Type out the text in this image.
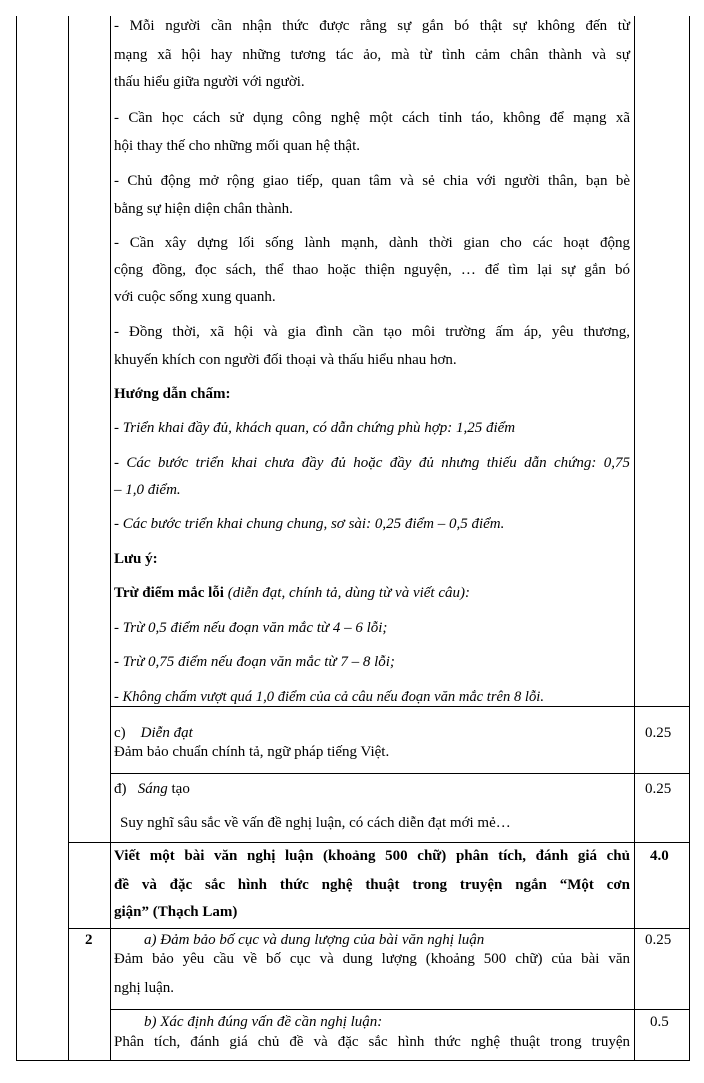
- Mỗi người cần nhận thức được rằng sự gắn bó thật sự không đến từ
mạng xã hội hay những tương tác ảo, mà từ tình cảm chân thành và sự
thấu hiểu giữa người với người.
- Cần học cách sử dụng công nghệ một cách tỉnh táo, không để mạng xã
hội thay thế cho những mối quan hệ thật.
- Chủ động mở rộng giao tiếp, quan tâm và sẻ chia với người thân, bạn bè
bằng sự hiện diện chân thành.
- Cần xây dựng lối sống lành mạnh, dành thời gian cho các hoạt động
cộng đồng, đọc sách, thể thao hoặc thiện nguyện, … để tìm lại sự gắn bó
với cuộc sống xung quanh.
- Đồng thời, xã hội và gia đình cần tạo môi trường ấm áp, yêu thương,
khuyến khích con người đối thoại và thấu hiểu nhau hơn.
Hướng dẫn chấm:
- Triển khai đầy đủ, khách quan, có dẫn chứng phù hợp: 1,25 điểm
- Các bước triển khai chưa đầy đủ hoặc đầy đủ nhưng thiếu dẫn chứng: 0,75
– 1,0 điểm.
- Các bước triển khai chung chung, sơ sài: 0,25 điểm – 0,5 điểm.
Lưu ý:
Trừ điểm mắc lỗi (diễn đạt, chính tả, dùng từ và viết câu):
- Trừ 0,5 điểm nếu đoạn văn mắc từ 4 – 6 lỗi;
- Trừ 0,75 điểm nếu đoạn văn mắc từ 7 – 8 lỗi;
- Không chấm vượt quá 1,0 điểm của cả câu nếu đoạn văn mắc trên 8 lỗi.
c) Diễn đạt
Đảm bảo chuẩn chính tả, ngữ pháp tiếng Việt.
0.25
đ) Sáng tạo
Suy nghĩ sâu sắc về vấn đề nghị luận, có cách diễn đạt mới mẻ…
0.25
Viết một bài văn nghị luận (khoảng 500 chữ) phân tích, đánh giá chủ
đề và đặc sắc hình thức nghệ thuật trong truyện ngắn “Một cơn
giận” (Thạch Lam)
4.0
2	a) Đảm bảo bố cục và dung lượng của bài văn nghị luận
Đảm bảo yêu cầu về bố cục và dung lượng (khoảng 500 chữ) của bài văn
nghị luận.
0.25
b) Xác định đúng vấn đề cần nghị luận:
Phân tích, đánh giá chủ đề và đặc sắc hình thức nghệ thuật trong truyện
0.5
